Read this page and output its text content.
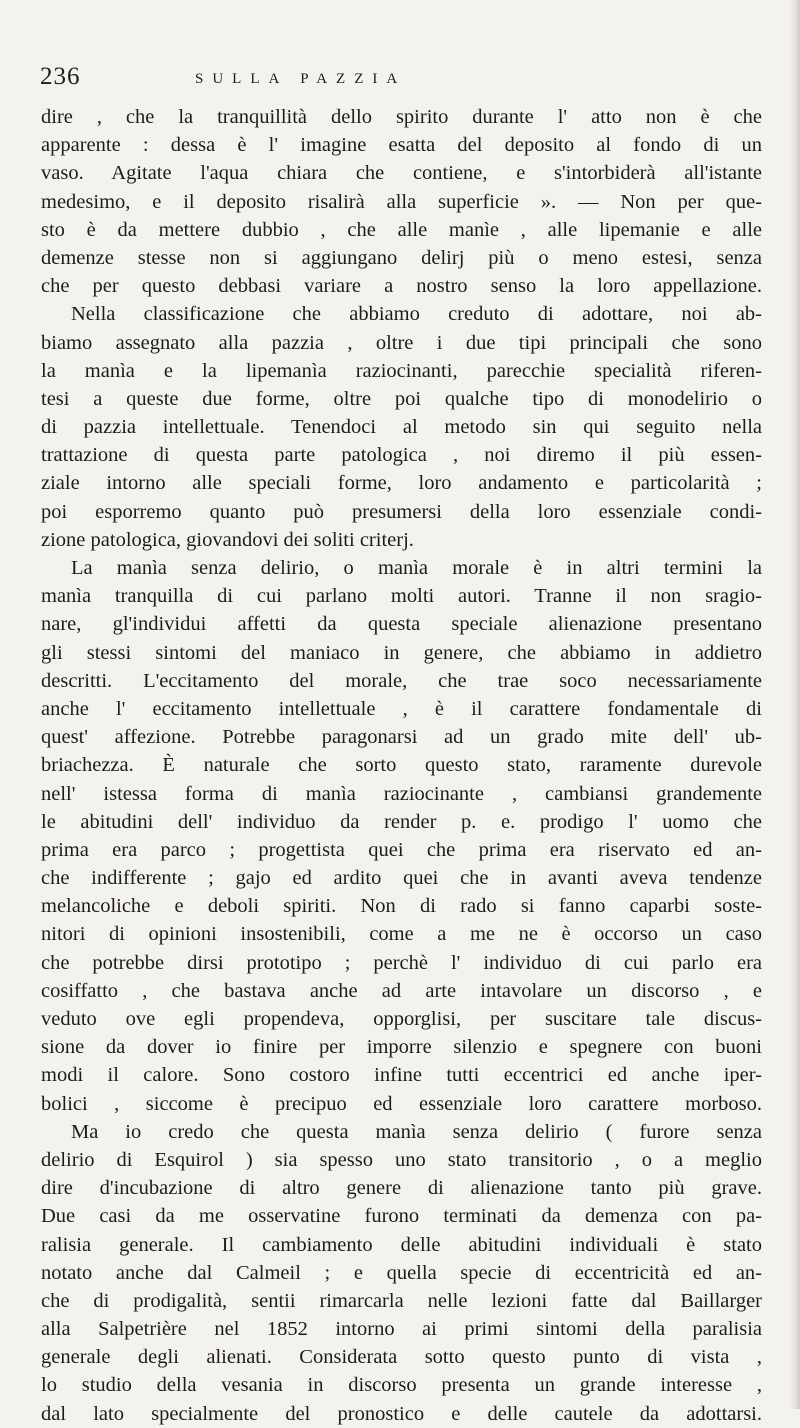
236	SULLA PAZZIA
dire , che la tranquillità dello spirito durante l' atto non è che
apparente : dessa è l' imagine esatta del deposito al fondo di un
vaso. Agitate l'aqua chiara che contiene, e s'intorbiderà all'istante
medesimo, e il deposito risalirà alla superficie ». — Non per que-
sto è da mettere dubbio , che alle manìe , alle lipemanie e alle
demenze stesse non si aggiungano delirj più o meno estesi, senza
che per questo debbasi variare a nostro senso la loro appellazione.
Nella classificazione che abbiamo creduto di adottare, noi ab-
biamo assegnato alla pazzia , oltre i due tipi principali che sono
la manìa e la lipemanìa raziocinanti, parecchie specialità riferen-
tesi a queste due forme, oltre poi qualche tipo di monodelirio o
di pazzia intellettuale. Tenendoci al metodo sin qui seguito nella
trattazione di questa parte patologica , noi diremo il più essen-
ziale intorno alle speciali forme, loro andamento e particolarità ;
poi esporremo quanto può presumersi della loro essenziale condi-
zione patologica, giovandovi dei soliti criterj.
La manìa senza delirio, o manìa morale è in altri termini la
manìa tranquilla di cui parlano molti autori. Tranne il non sragio-
nare, gl'individui affetti da questa speciale alienazione presentano
gli stessi sintomi del maniaco in genere, che abbiamo in addietro
descritti. L'eccitamento del morale, che trae soco necessariamente
anche l' eccitamento intellettuale , è il carattere fondamentale di
quest' affezione. Potrebbe paragonarsi ad un grado mite dell' ub-
briachezza. È naturale che sorto questo stato, raramente durevole
nell' istessa forma di manìa raziocinante , cambiansi grandemente
le abitudini dell' individuo da render p. e. prodigo l' uomo che
prima era parco ; progettista quei che prima era riservato ed an-
che indifferente ; gajo ed ardito quei che in avanti aveva tendenze
melancoliche e deboli spiriti. Non di rado si fanno caparbi soste-
nitori di opinioni insostenibili, come a me ne è occorso un caso
che potrebbe dirsi prototipo ; perchè l' individuo di cui parlo era
cosiffatto , che bastava anche ad arte intavolare un discorso , e
veduto ove egli propendeva, opporglisi, per suscitare tale discus-
sione da dover io finire per imporre silenzio e spegnere con buoni
modi il calore. Sono costoro infine tutti eccentrici ed anche iper-
bolici , siccome è precipuo ed essenziale loro carattere morboso.
Ma io credo che questa manìa senza delirio ( furore senza
delirio di Esquirol ) sia spesso uno stato transitorio , o a meglio
dire d'incubazione di altro genere di alienazione tanto più grave.
Due casi da me osservatine furono terminati da demenza con pa-
ralisia generale. Il cambiamento delle abitudini individuali è stato
notato anche dal Calmeil ; e quella specie di eccentricità ed an-
che di prodigalità, sentii rimarcarla nelle lezioni fatte dal Baillarger
alla Salpetrière nel 1852 intorno ai primi sintomi della paralisia
generale degli alienati. Considerata sotto questo punto di vista ,
lo studio della vesania in discorso presenta un grande interesse ,
dal lato specialmente del pronostico e delle cautele da adottarsi.
